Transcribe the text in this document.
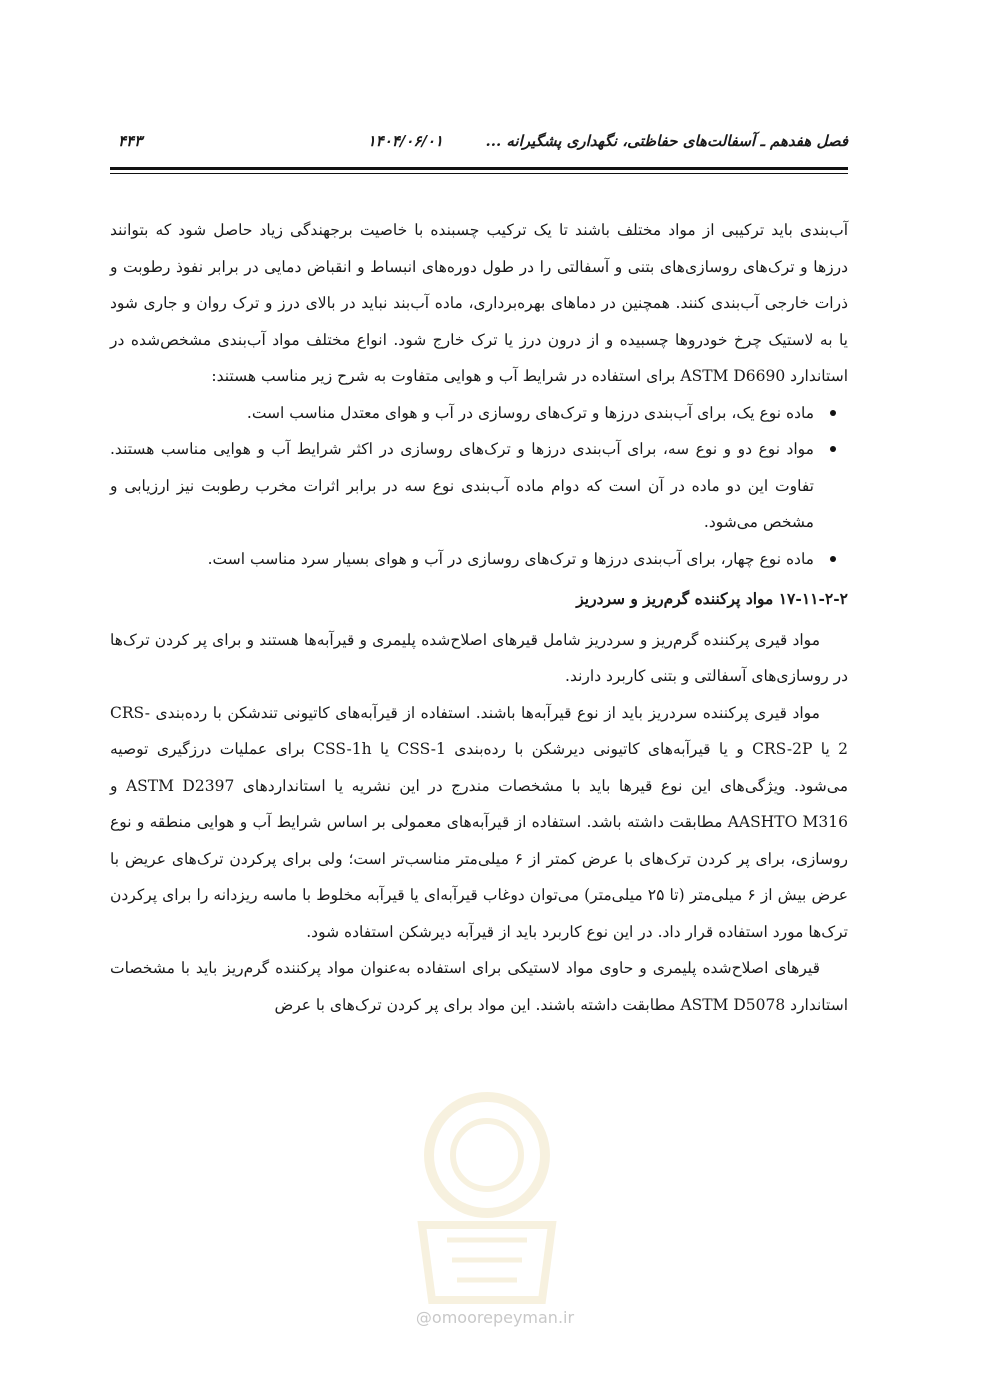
فصل هفدهم ـ آسفالت‌های حفاظتی، نگهداری پشگیرانه ...
۱۴۰۴/۰۶/۰۱
۴۴۳

آب‌بندی باید ترکیبی از مواد مختلف باشند تا یک ترکیب چسبنده با خاصیت برجهندگی زیاد حاصل شود که بتوانند درزها و ترک‌های روسازی‌های بتنی و آسفالتی را در طول دوره‌های انبساط و انقباض دمایی در برابر نفوذ رطوبت و ذرات خارجی آب‌بندی کنند. همچنین در دماهای بهره‌برداری، ماده آب‌بند نباید در بالای درز و ترک روان و جاری شود یا به لاستیک چرخ خودروها چسبیده و از درون درز یا ترک خارج شود. انواع مختلف مواد آب‌بندی مشخص‌شده در استاندارد ASTM D6690 برای استفاده در شرایط آب و هوایی متفاوت به شرح زیر مناسب هستند:

ماده نوع یک، برای آب‌بندی درزها و ترک‌های روسازی در آب و هوای معتدل مناسب است.
مواد نوع دو و نوع سه، برای آب‌بندی درزها و ترک‌های روسازی در اکثر شرایط آب و هوایی مناسب هستند. تفاوت این دو ماده در آن است که دوام ماده آب‌بندی نوع سه در برابر اثرات مخرب رطوبت نیز ارزیابی و مشخص می‌شود.
ماده نوع چهار، برای آب‌بندی درزها و ترک‌های روسازی در آب و هوای بسیار سرد مناسب است.
۱۷-۱۱-۲-۲ مواد پرکننده گرم‌ریز و سردریز

مواد قیری پرکننده گرم‌ریز و سردریز شامل قیرهای اصلاح‌شده پلیمری و قیرآبه‌ها هستند و برای پر کردن ترک‌ها در روسازی‌های آسفالتی و بتنی کاربرد دارند.

مواد قیری پرکننده سردریز باید از نوع قیرآبه‌ها باشند. استفاده از قیرآبه‌های کاتیونی تندشکن با رده‌بندی CRS-2 یا CRS-2P و یا قیرآبه‌های کاتیونی دیرشکن با رده‌بندی CSS-1 یا CSS-1h برای عملیات درزگیری توصیه می‌شود. ویژگی‌های این نوع قیرها باید با مشخصات مندرج در این نشریه یا استانداردهای ASTM D2397 و AASHTO M316 مطابقت داشته باشد. استفاده از قیرآبه‌های معمولی بر اساس شرایط آب و هوایی منطقه و نوع روسازی، برای پر کردن ترک‌های با عرض کمتر از ۶ میلی‌متر مناسب‌تر است؛ ولی برای پرکردن ترک‌های عریض با عرض بیش از ۶ میلی‌متر (تا ۲۵ میلی‌متر) می‌توان دوغاب قیرآبه‌ای یا قیرآبه مخلوط با ماسه ریزدانه را برای پرکردن ترک‌ها مورد استفاده قرار داد. در این نوع کاربرد باید از قیرآبه دیرشکن استفاده شود.

قیرهای اصلاح‌شده پلیمری و حاوی مواد لاستیکی برای استفاده به‌عنوان مواد پرکننده گرم‌ریز باید با مشخصات استاندارد ASTM D5078 مطابقت داشته باشند. این مواد برای پر کردن ترک‌های با عرض

@omoorepeyman.ir
